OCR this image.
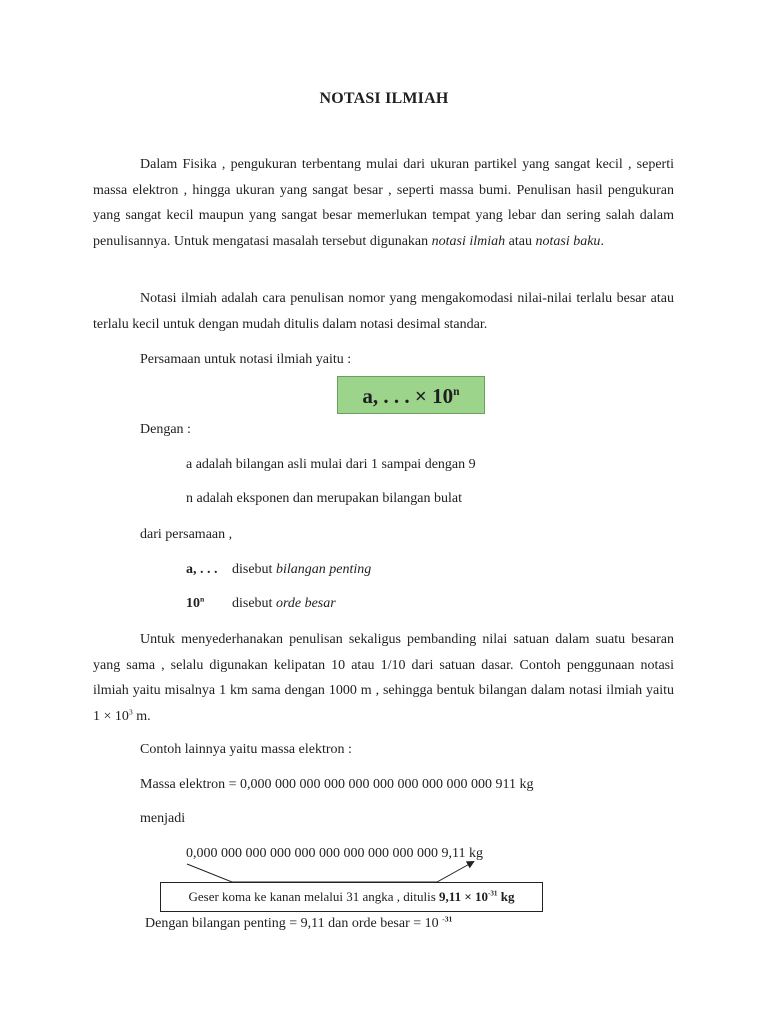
NOTASI ILMIAH

Dalam Fisika , pengukuran terbentang mulai dari ukuran partikel yang sangat kecil , seperti massa elektron , hingga ukuran yang sangat besar , seperti massa bumi. Penulisan hasil pengukuran yang sangat kecil maupun yang sangat besar memerlukan tempat yang lebar dan sering salah dalam penulisannya. Untuk mengatasi masalah tersebut digunakan notasi ilmiah atau notasi baku.

Notasi ilmiah adalah cara penulisan nomor yang mengakomodasi nilai-nilai terlalu besar atau terlalu kecil untuk dengan mudah ditulis dalam notasi desimal standar.

Persamaan untuk notasi ilmiah yaitu :
a, . . . × $10^n$
Dengan :
a adalah bilangan asli mulai dari 1 sampai dengan 9
n adalah eksponen dan merupakan bilangan bulat
dari persamaan ,
a, . . . disebut bilangan penting
10$^n$ disebut orde besar

Untuk menyederhanakan penulisan sekaligus pembanding nilai satuan dalam suatu besaran yang sama , selalu digunakan kelipatan 10 atau 1/10 dari satuan dasar. Contoh penggunaan notasi ilmiah yaitu misalnya 1 km sama dengan 1000 m , sehingga bentuk bilangan dalam notasi ilmiah yaitu $1 \times 10^3$ m.

Contoh lainnya yaitu massa elektron :
Massa elektron = 0,000 000 000 000 000 000 000 000 000 000 911 kg
menjadi
0,000 000 000 000 000 000 000 000 000 000 9,11 kg
Geser koma ke kanan melalui 31 angka , ditulis $9,11 \times 10^{-31}$ kg
Dengan bilangan penting = 9,11 dan orde besar = 10 $^{-31}$
